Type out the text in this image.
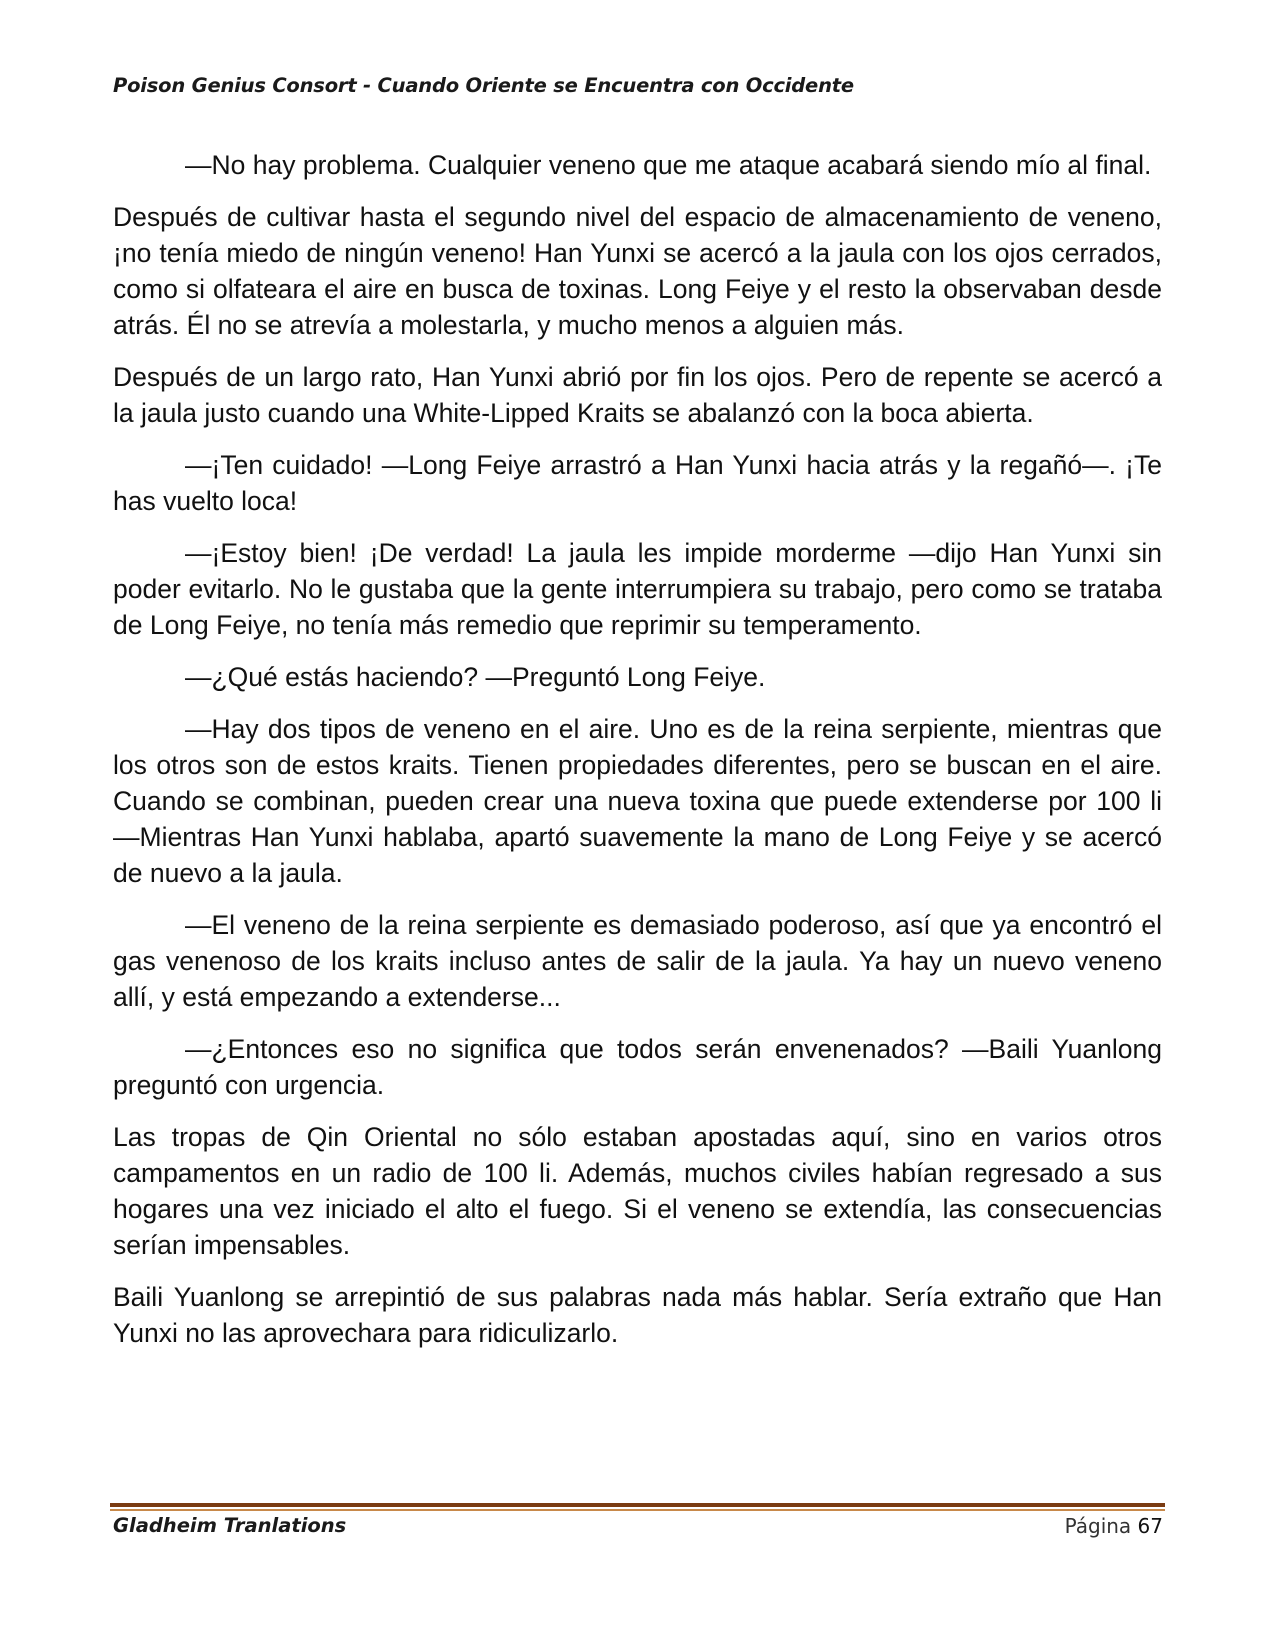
Poison Genius Consort - Cuando Oriente se Encuentra con Occidente

—No hay problema. Cualquier veneno que me ataque acabará siendo mío al final.

Después de cultivar hasta el segundo nivel del espacio de almacenamiento de veneno, ¡no tenía miedo de ningún veneno! Han Yunxi se acercó a la jaula con los ojos cerrados, como si olfateara el aire en busca de toxinas. Long Feiye y el resto la observaban desde atrás. Él no se atrevía a molestarla, y mucho menos a alguien más.

Después de un largo rato, Han Yunxi abrió por fin los ojos. Pero de repente se acercó a la jaula justo cuando una White-Lipped Kraits se abalanzó con la boca abierta.

—¡Ten cuidado! —Long Feiye arrastró a Han Yunxi hacia atrás y la regañó—. ¡Te has vuelto loca!

—¡Estoy bien! ¡De verdad! La jaula les impide morderme —dijo Han Yunxi sin poder evitarlo. No le gustaba que la gente interrumpiera su trabajo, pero como se trataba de Long Feiye, no tenía más remedio que reprimir su temperamento.

—¿Qué estás haciendo? —Preguntó Long Feiye.

—Hay dos tipos de veneno en el aire. Uno es de la reina serpiente, mientras que los otros son de estos kraits. Tienen propiedades diferentes, pero se buscan en el aire. Cuando se combinan, pueden crear una nueva toxina que puede extenderse por 100 li —Mientras Han Yunxi hablaba, apartó suavemente la mano de Long Feiye y se acercó de nuevo a la jaula.

—El veneno de la reina serpiente es demasiado poderoso, así que ya encontró el gas venenoso de los kraits incluso antes de salir de la jaula. Ya hay un nuevo veneno allí, y está empezando a extenderse...

—¿Entonces eso no significa que todos serán envenenados? —Baili Yuanlong preguntó con urgencia.

Las tropas de Qin Oriental no sólo estaban apostadas aquí, sino en varios otros campamentos en un radio de 100 li. Además, muchos civiles habían regresado a sus hogares una vez iniciado el alto el fuego. Si el veneno se extendía, las consecuencias serían impensables.

Baili Yuanlong se arrepintió de sus palabras nada más hablar. Sería extraño que Han Yunxi no las aprovechara para ridiculizarlo.

Gladheim Tranlations	Página 67
